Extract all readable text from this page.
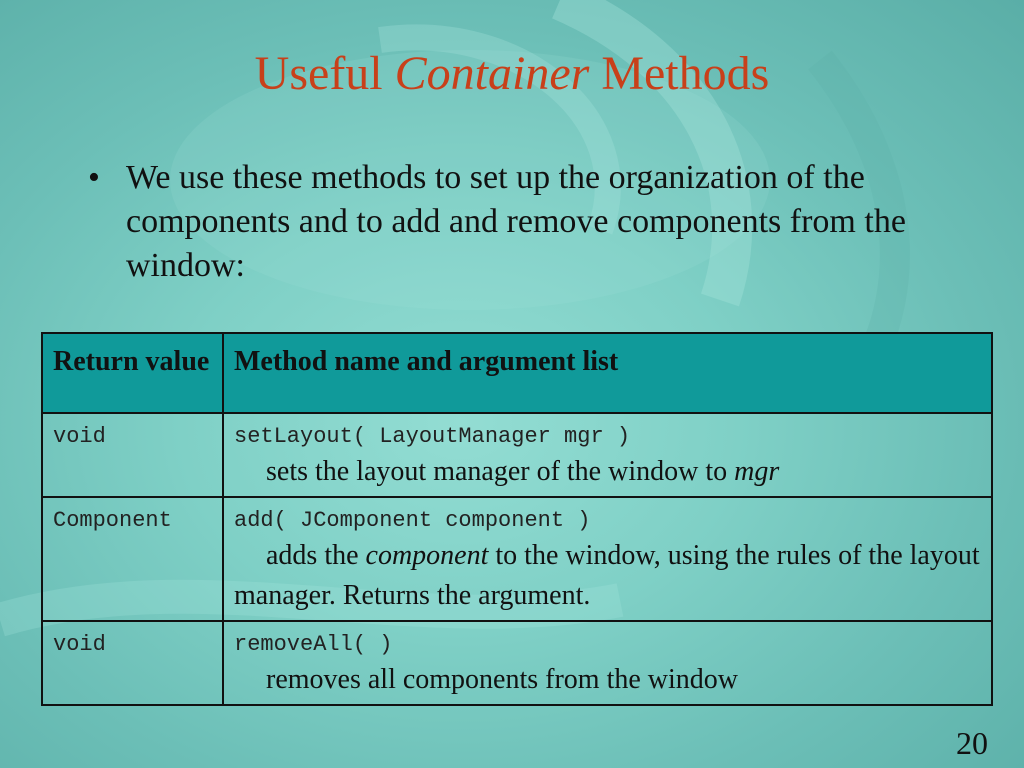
Useful Container Methods
• We use these methods to set up the organization of the components and to add and remove components from the window:
Return value	Method name and argument list
void	setLayout( LayoutManager mgr )

sets the layout manager of the window to mgr

Component	add( JComponent component )

adds the component to the window, using the rules of the layout manager. Returns the argument.

void	removeAll( )

removes all components from the window

20
